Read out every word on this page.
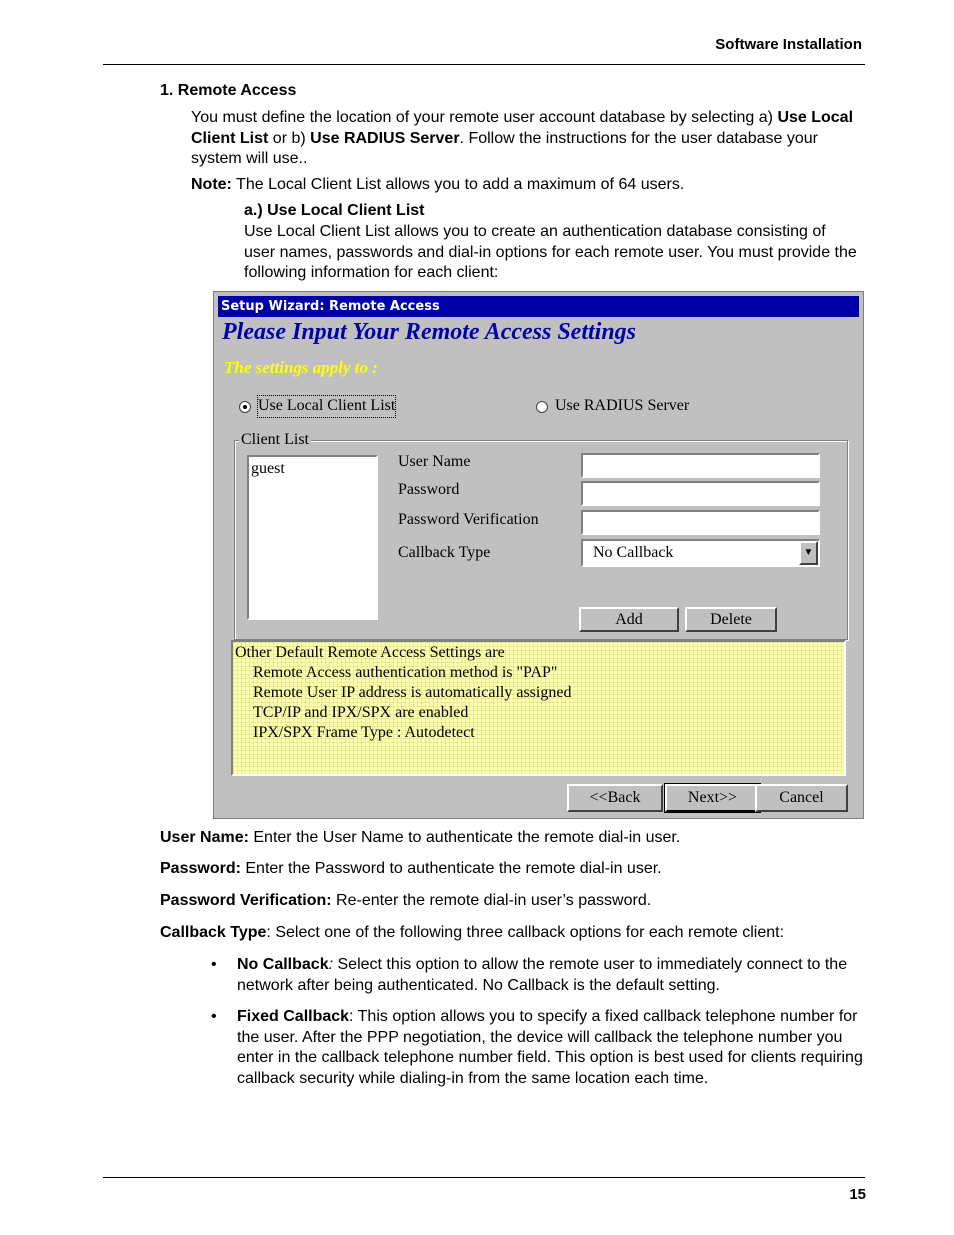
Software Installation
1. Remote Access
You must define the location of your remote user account database by selecting a) Use Local Client List or b) Use RADIUS Server. Follow the instructions for the user database your system will use..
Note: The Local Client List allows you to add a maximum of 64 users.
a.) Use Local Client List
Use Local Client List allows you to create an authentication database consisting of user names, passwords and dial-in options for each remote user. You must provide the following information for each client:
Setup Wizard: Remote Access
Please Input Your Remote Access Settings
The settings apply to :
Use Local Client List	Use RADIUS Server
Client List
guest	User Name
Password
Password Verification
Callback Type	No Callback	▼
Add	Delete
Other Default Remote Access Settings are
Remote Access authentication method is "PAP"
Remote User IP address is automatically assigned
TCP/IP and IPX/SPX are enabled
IPX/SPX Frame Type : Autodetect
<<Back	Next>>	Cancel
User Name: Enter the User Name to authenticate the remote dial-in user.
Password: Enter the Password to authenticate the remote dial-in user.
Password Verification: Re-enter the remote dial-in user’s password.
Callback Type: Select one of the following three callback options for each remote client:
• No Callback: Select this option to allow the remote user to immediately connect to the network after being authenticated. No Callback is the default setting.
• Fixed Callback: This option allows you to specify a fixed callback telephone number for the user. After the PPP negotiation, the device will callback the telephone number you enter in the callback telephone number field. This option is best used for clients requiring callback security while dialing-in from the same location each time.
15
